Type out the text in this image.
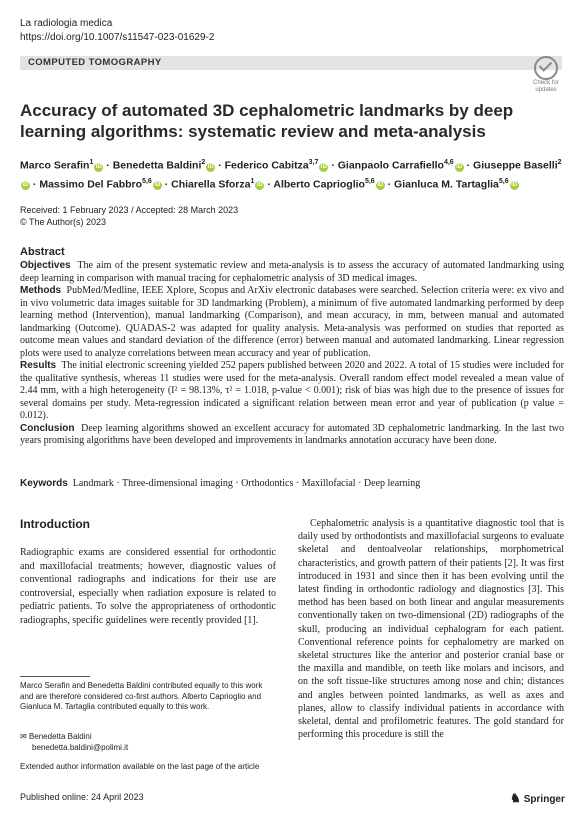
La radiologia medica
https://doi.org/10.1007/s11547-023-01629-2
COMPUTED TOMOGRAPHY
Check for
updates
Accuracy of automated 3D cephalometric landmarks by deep learning algorithms: systematic review and meta-analysis
Marco Serafin$^1$iD · Benedetta Baldini$^2$iD · Federico Cabitza$^{3,7}$iD · Gianpaolo Carrafiello$^{4,6}$iD · Giuseppe Baselli$^2$iD · Massimo Del Fabbro$^{5,6}$iD · Chiarella Sforza$^1$iD · Alberto Caprioglio$^{5,6}$iD · Gianluca M. Tartaglia$^{5,6}$iD
Received: 1 February 2023 / Accepted: 28 March 2023
© The Author(s) 2023
Abstract

Objectives The aim of the present systematic review and meta-analysis is to assess the accuracy of automated landmarking using deep learning in comparison with manual tracing for cephalometric analysis of 3D medical images.

Methods PubMed/Medline, IEEE Xplore, Scopus and ArXiv electronic databases were searched. Selection criteria were: ex vivo and in vivo volumetric data images suitable for 3D landmarking (Problem), a minimum of five automated landmarking performed by deep learning method (Intervention), manual landmarking (Comparison), and mean accuracy, in mm, between manual and automated landmarking (Outcome). QUADAS-2 was adapted for quality analysis. Meta-analysis was performed on studies that reported as outcome mean values and standard deviation of the difference (error) between manual and automated landmarking. Linear regression plots were used to analyze correlations between mean accuracy and year of publication.

Results The initial electronic screening yielded 252 papers published between 2020 and 2022. A total of 15 studies were included for the qualitative synthesis, whereas 11 studies were used for the meta-analysis. Overall random effect model revealed a mean value of 2.44 mm, with a high heterogeneity (I² = 98.13%, τ² = 1.018, p-value < 0.001); risk of bias was high due to the presence of issues for several domains per study. Meta-regression indicated a significant relation between mean error and year of publication (p value = 0.012).

Conclusion Deep learning algorithms showed an excellent accuracy for automated 3D cephalometric landmarking. In the last two years promising algorithms have been developed and improvements in landmarks annotation accuracy have been done.

Keywords Landmark · Three-dimensional imaging · Orthodontics · Maxillofacial · Deep learning
Introduction
Radiographic exams are considered essential for orthodontic and maxillofacial treatments; however, diagnostic values of conventional radiographs and indications for their use are controversial, especially when radiation exposure is related to pediatric patients. To solve the appropriateness of orthodontic radiographs, specific guidelines were recently provided [1].

Cephalometric analysis is a quantitative diagnostic tool that is daily used by orthodontists and maxillofacial surgeons to evaluate skeletal and dentoalveolar relationships, morphometrical characteristics, and growth pattern of their patients [2]. It was first introduced in 1931 and since then it has been evolving until the latest finding in orthodontic radiology and diagnostics [3]. This method has been based on both linear and angular measurements conventionally taken on two-dimensional (2D) radiographs of the skull, producing an individual cephalogram for each patient. Conventional reference points for cephalometry are marked on skeletal structures like the anterior and posterior cranial base or the maxilla and mandible, on teeth like molars and incisors, and on the soft tissue-like structures among nose and chin; distances and angles between pointed landmarks, as well as axes and planes, allow to classify individual patients in accordance with skeletal, dental and profilometric features. The gold standard for performing this procedure is still the

Marco Serafin and Benedetta Baldini contributed equally to this work and are therefore considered co-first authors. Alberto Caprioglio and Gianluca M. Tartaglia contributed equally to this work.
✉ Benedetta Baldini
benedetta.baldini@polimi.it
Extended author information available on the last page of the article
Published online: 24 April 2023	♞ Springer
